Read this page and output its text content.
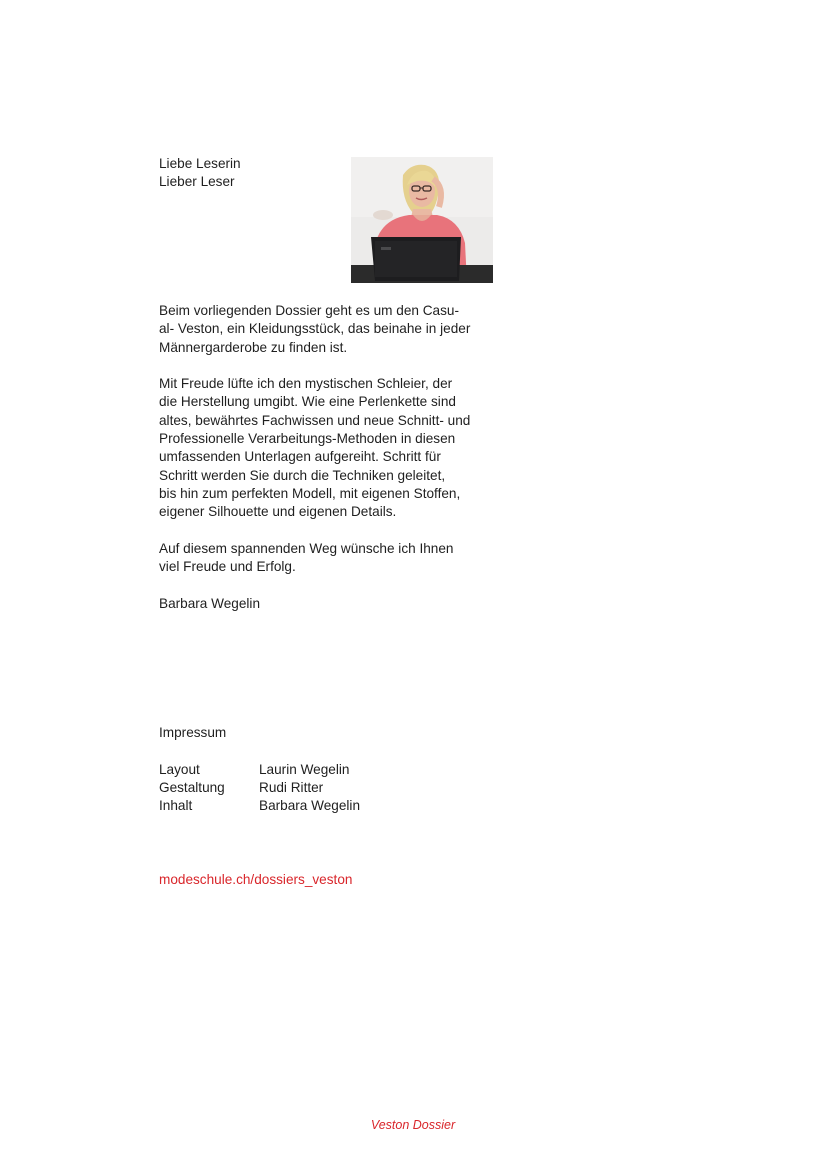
Liebe Leserin
Lieber Leser

Beim vorliegenden Dossier geht es um den Casu-
al- Veston, ein Kleidungsstück, das beinahe in jeder
Männergarderobe zu finden ist.

Mit Freude lüfte ich den mystischen Schleier, der
die Herstellung umgibt. Wie eine Perlenkette sind
altes, bewährtes Fachwissen und neue Schnitt- und
Professionelle Verarbeitungs-Methoden in diesen
umfassenden Unterlagen aufgereiht. Schritt für
Schritt werden Sie durch die Techniken geleitet,
bis hin zum perfekten Modell, mit eigenen Stoffen,
eigener Silhouette und eigenen Details.

Auf diesem spannenden Weg wünsche ich Ihnen
viel Freude und Erfolg.

Barbara Wegelin

Impressum
Layout	Laurin Wegelin
Gestaltung	Rudi Ritter
Inhalt	Barbara Wegelin
modeschule.ch/dossiers_veston
Veston Dossier
